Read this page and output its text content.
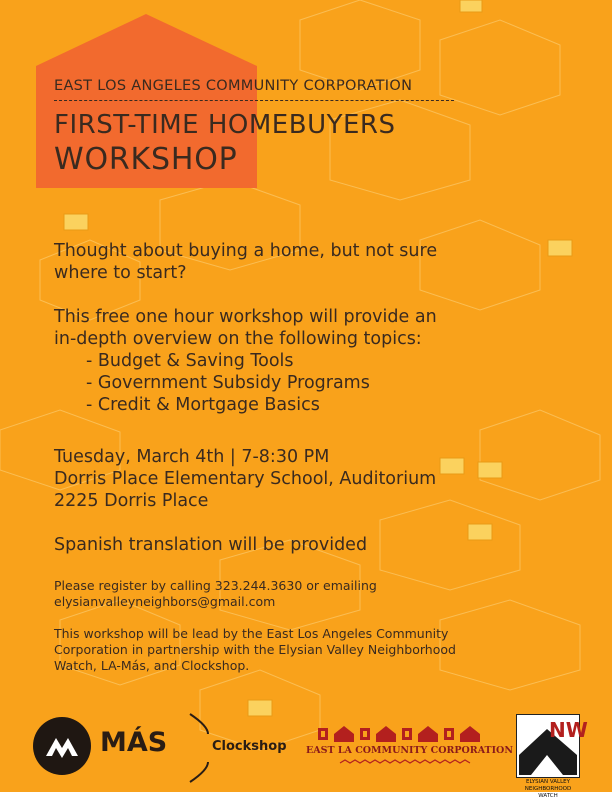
EAST LOS ANGELES COMMUNITY CORPORATION
FIRST-TIME HOMEBUYERS
WORKSHOP
Thought about buying a home, but not sure
where to start?
This free one hour workshop will provide an
in-depth overview on the following topics:
- Budget & Saving Tools
- Government Subsidy Programs
- Credit & Mortgage Basics
Tuesday, March 4th | 7-8:30 PM
Dorris Place Elementary School, Auditorium
2225 Dorris Place
Spanish translation will be provided
Please register by calling 323.244.3630 or emailing
elysianvalleyneighbors@gmail.com
This workshop will be lead by the East Los Angeles Community
Corporation in partnership with the Elysian Valley Neighborhood
Watch, LA-Más, and Clockshop.
MÁS	Clockshop EAST LA COMMUNITY CORPORATION
NW
ELYSIAN VALLEY
NEIGHBORHOOD WATCH
